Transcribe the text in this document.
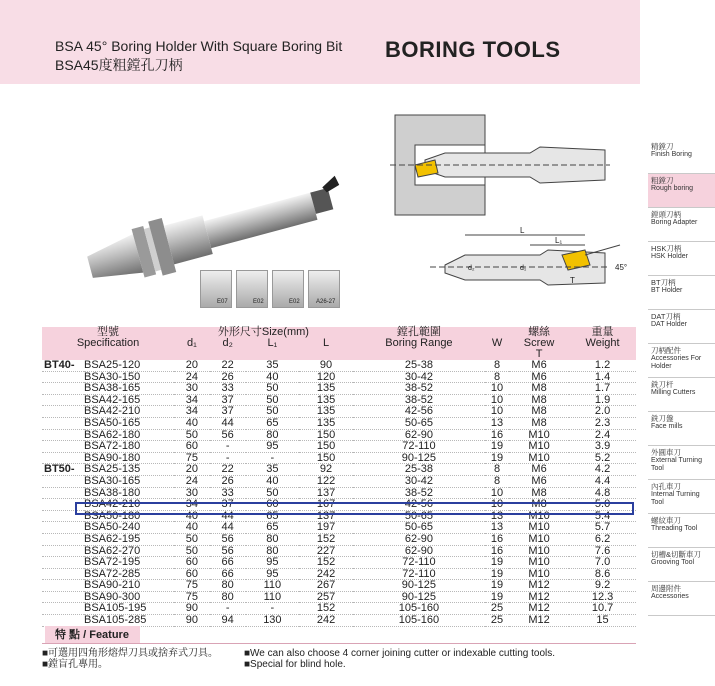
BSA 45° Boring Holder With Square Boring Bit
BSA45度粗鏜孔刀柄
BORING TOOLS
E07	E02	E02	A26-27
L
L₁
d₂	d₁
T
45°
精鏜刀
Finish Boring
粗鏜刀
Rough boring
鏜頭刀柄
Boring Adapter
HSK刀柄
HSK Holder
BT刀柄
BT Holder
DAT刀柄
DAT Holder
刀柄配件
Accessories For Holder
銑刀杆
Milling Cutters
銑刀盤
Face mills
外圓車刀
External Turning Tool
內孔車刀
Internal Turning Tool
螺紋車刀
Threading Tool
切槽&切斷車刀
Grooving Tool
周邊附件
Accessories
型號		外形尺寸Size(mm)				鏜孔範圍		螺絲	重量
Specification		d₁	d₂	L₁	L	Boring Range	W	Screw	Weight
								T	
BT40-	BSA25-120	20	22	35	90	25-38	8	M6	1.2
	BSA30-150	24	26	40	120	30-42	8	M6	1.4
	BSA38-165	30	33	50	135	38-52	10	M8	1.7
	BSA42-165	34	37	50	135	38-52	10	M8	1.9
	BSA42-210	34	37	50	135	42-56	10	M8	2.0
	BSA50-165	40	44	65	135	50-65	13	M8	2.3
	BSA62-180	50	56	80	150	62-90	16	M10	2.4
	BSA72-180	60	-	95	150	72-110	19	M10	3.9
	BSA90-180	75	-	-	150	90-125	19	M10	5.2
BT50-	BSA25-135	20	22	35	92	25-38	8	M6	4.2
	BSA30-165	24	26	40	122	30-42	8	M6	4.4
	BSA38-180	30	33	50	137	38-52	10	M8	4.8
	BSA42-210	34	37	60	167	42-56	10	M8	5.0
	BSA50-180	40	44	65	137	50-65	13	M10	5.4
	BSA50-240	40	44	65	197	50-65	13	M10	5.7
	BSA62-195	50	56	80	152	62-90	16	M10	6.2
	BSA62-270	50	56	80	227	62-90	16	M10	7.6
	BSA72-195	60	66	95	152	72-110	19	M10	7.0
	BSA72-285	60	66	95	242	72-110	19	M10	8.6
	BSA90-210	75	80	110	267	90-125	19	M12	9.2
	BSA90-300	75	80	110	257	90-125	19	M12	12.3
	BSA105-195	90	-	-	152	105-160	25	M12	10.7
	BSA105-285	90	94	130	242	105-160	25	M12	15
特 點 / Feature
■可選用四角形熔焊刀具或捨弃式刀具。
■鏜盲孔專用。
■We can also choose 4 corner joining cutter or indexable cutting tools.
■Special for blind hole.
